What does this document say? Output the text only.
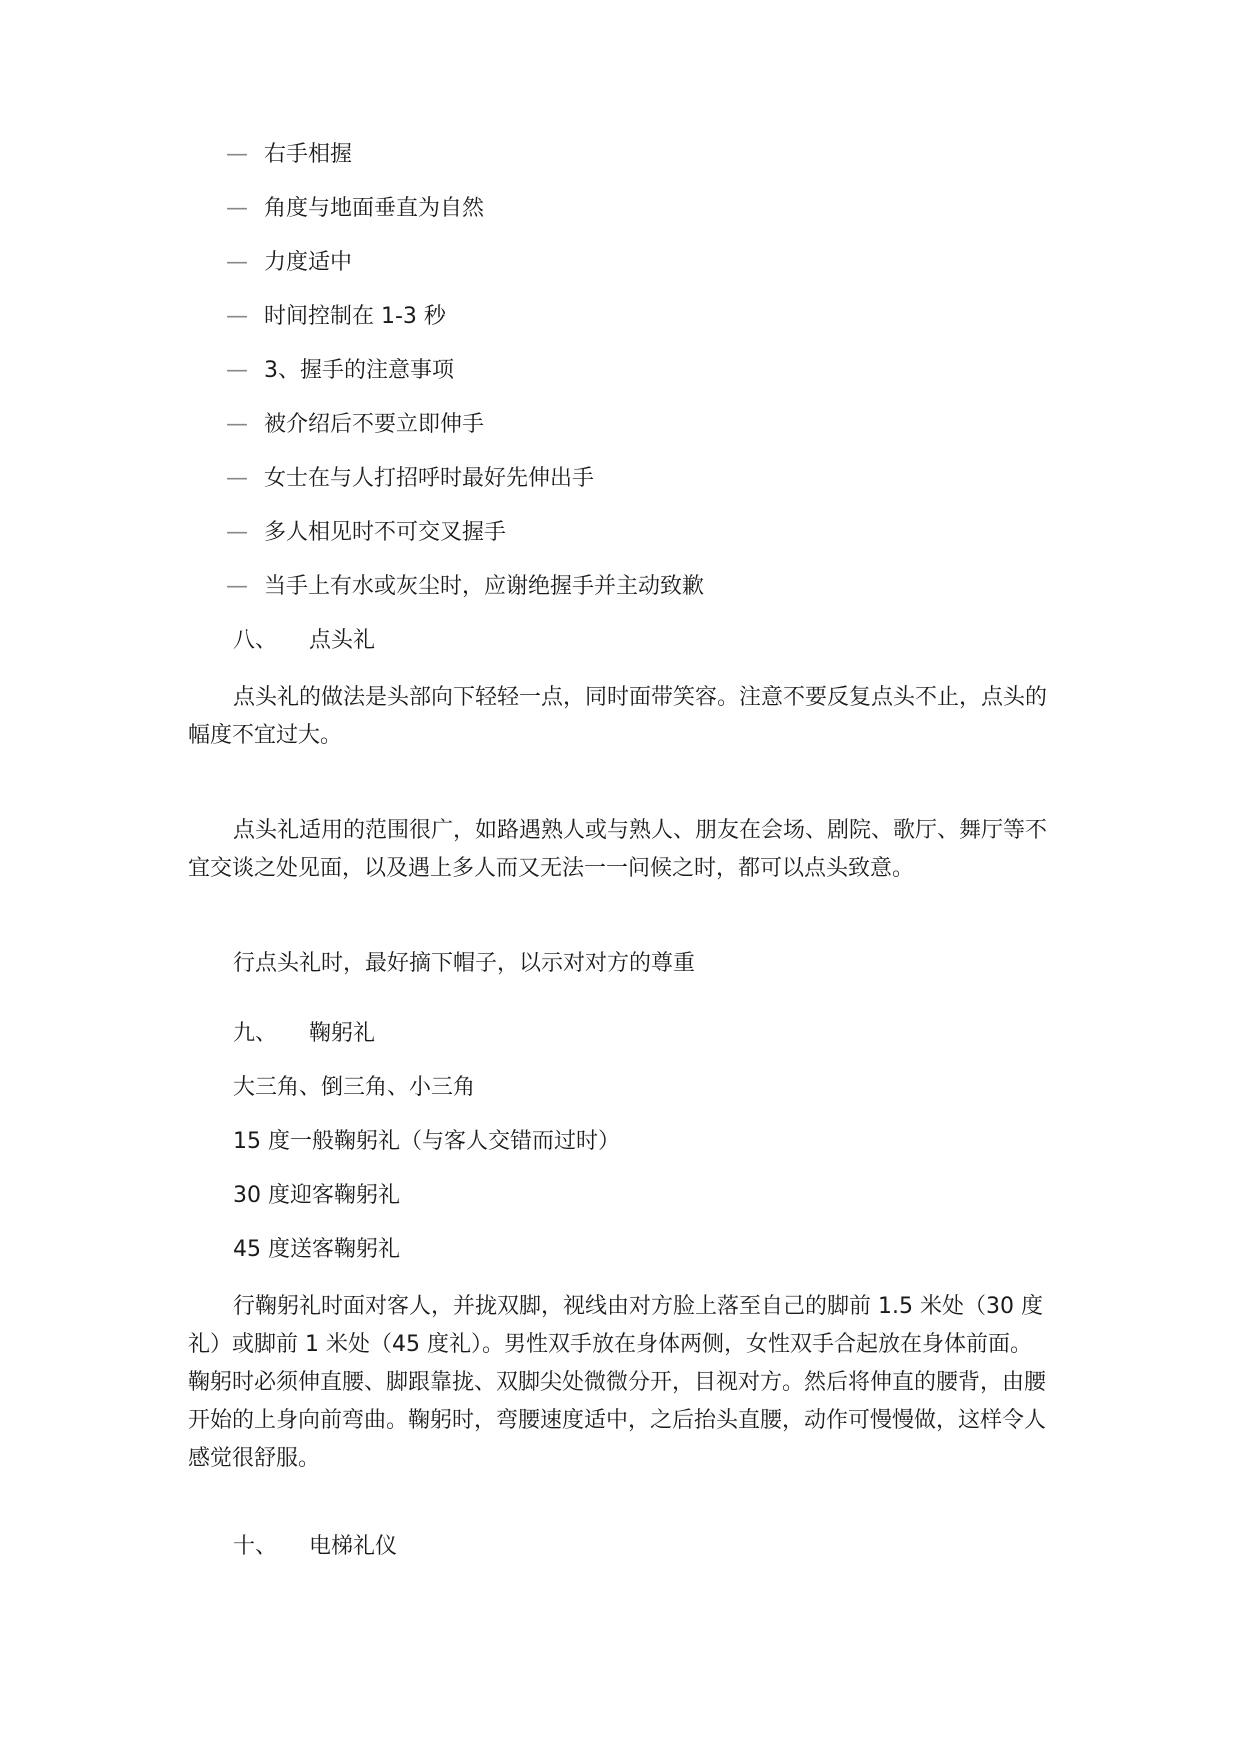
— 右手相握
— 角度与地面垂直为自然
— 力度适中
— 时间控制在 1-3 秒
— 3、握手的注意事项
— 被介绍后不要立即伸手
— 女士在与人打招呼时最好先伸出手
— 多人相见时不可交叉握手
— 当手上有水或灰尘时，应谢绝握手并主动致歉
八、 点头礼
点头礼的做法是头部向下轻轻一点，同时面带笑容。注意不要反复点头不止，点头的幅度不宜过大。
点头礼适用的范围很广，如路遇熟人或与熟人、朋友在会场、剧院、歌厅、舞厅等不宜交谈之处见面，以及遇上多人而又无法一一问候之时，都可以点头致意。
行点头礼时，最好摘下帽子，以示对对方的尊重
九、 鞠躬礼
大三角、倒三角、小三角
15 度一般鞠躬礼（与客人交错而过时）
30 度迎客鞠躬礼
45 度送客鞠躬礼
行鞠躬礼时面对客人，并拢双脚，视线由对方脸上落至自己的脚前 1.5 米处（30 度礼）或脚前 1 米处（45 度礼）。男性双手放在身体两侧，女性双手合起放在身体前面。 鞠躬时必须伸直腰、脚跟靠拢、双脚尖处微微分开，目视对方。然后将伸直的腰背，由腰开始的上身向前弯曲。鞠躬时，弯腰速度适中，之后抬头直腰，动作可慢慢做，这样令人感觉很舒服。
十、 电梯礼仪
